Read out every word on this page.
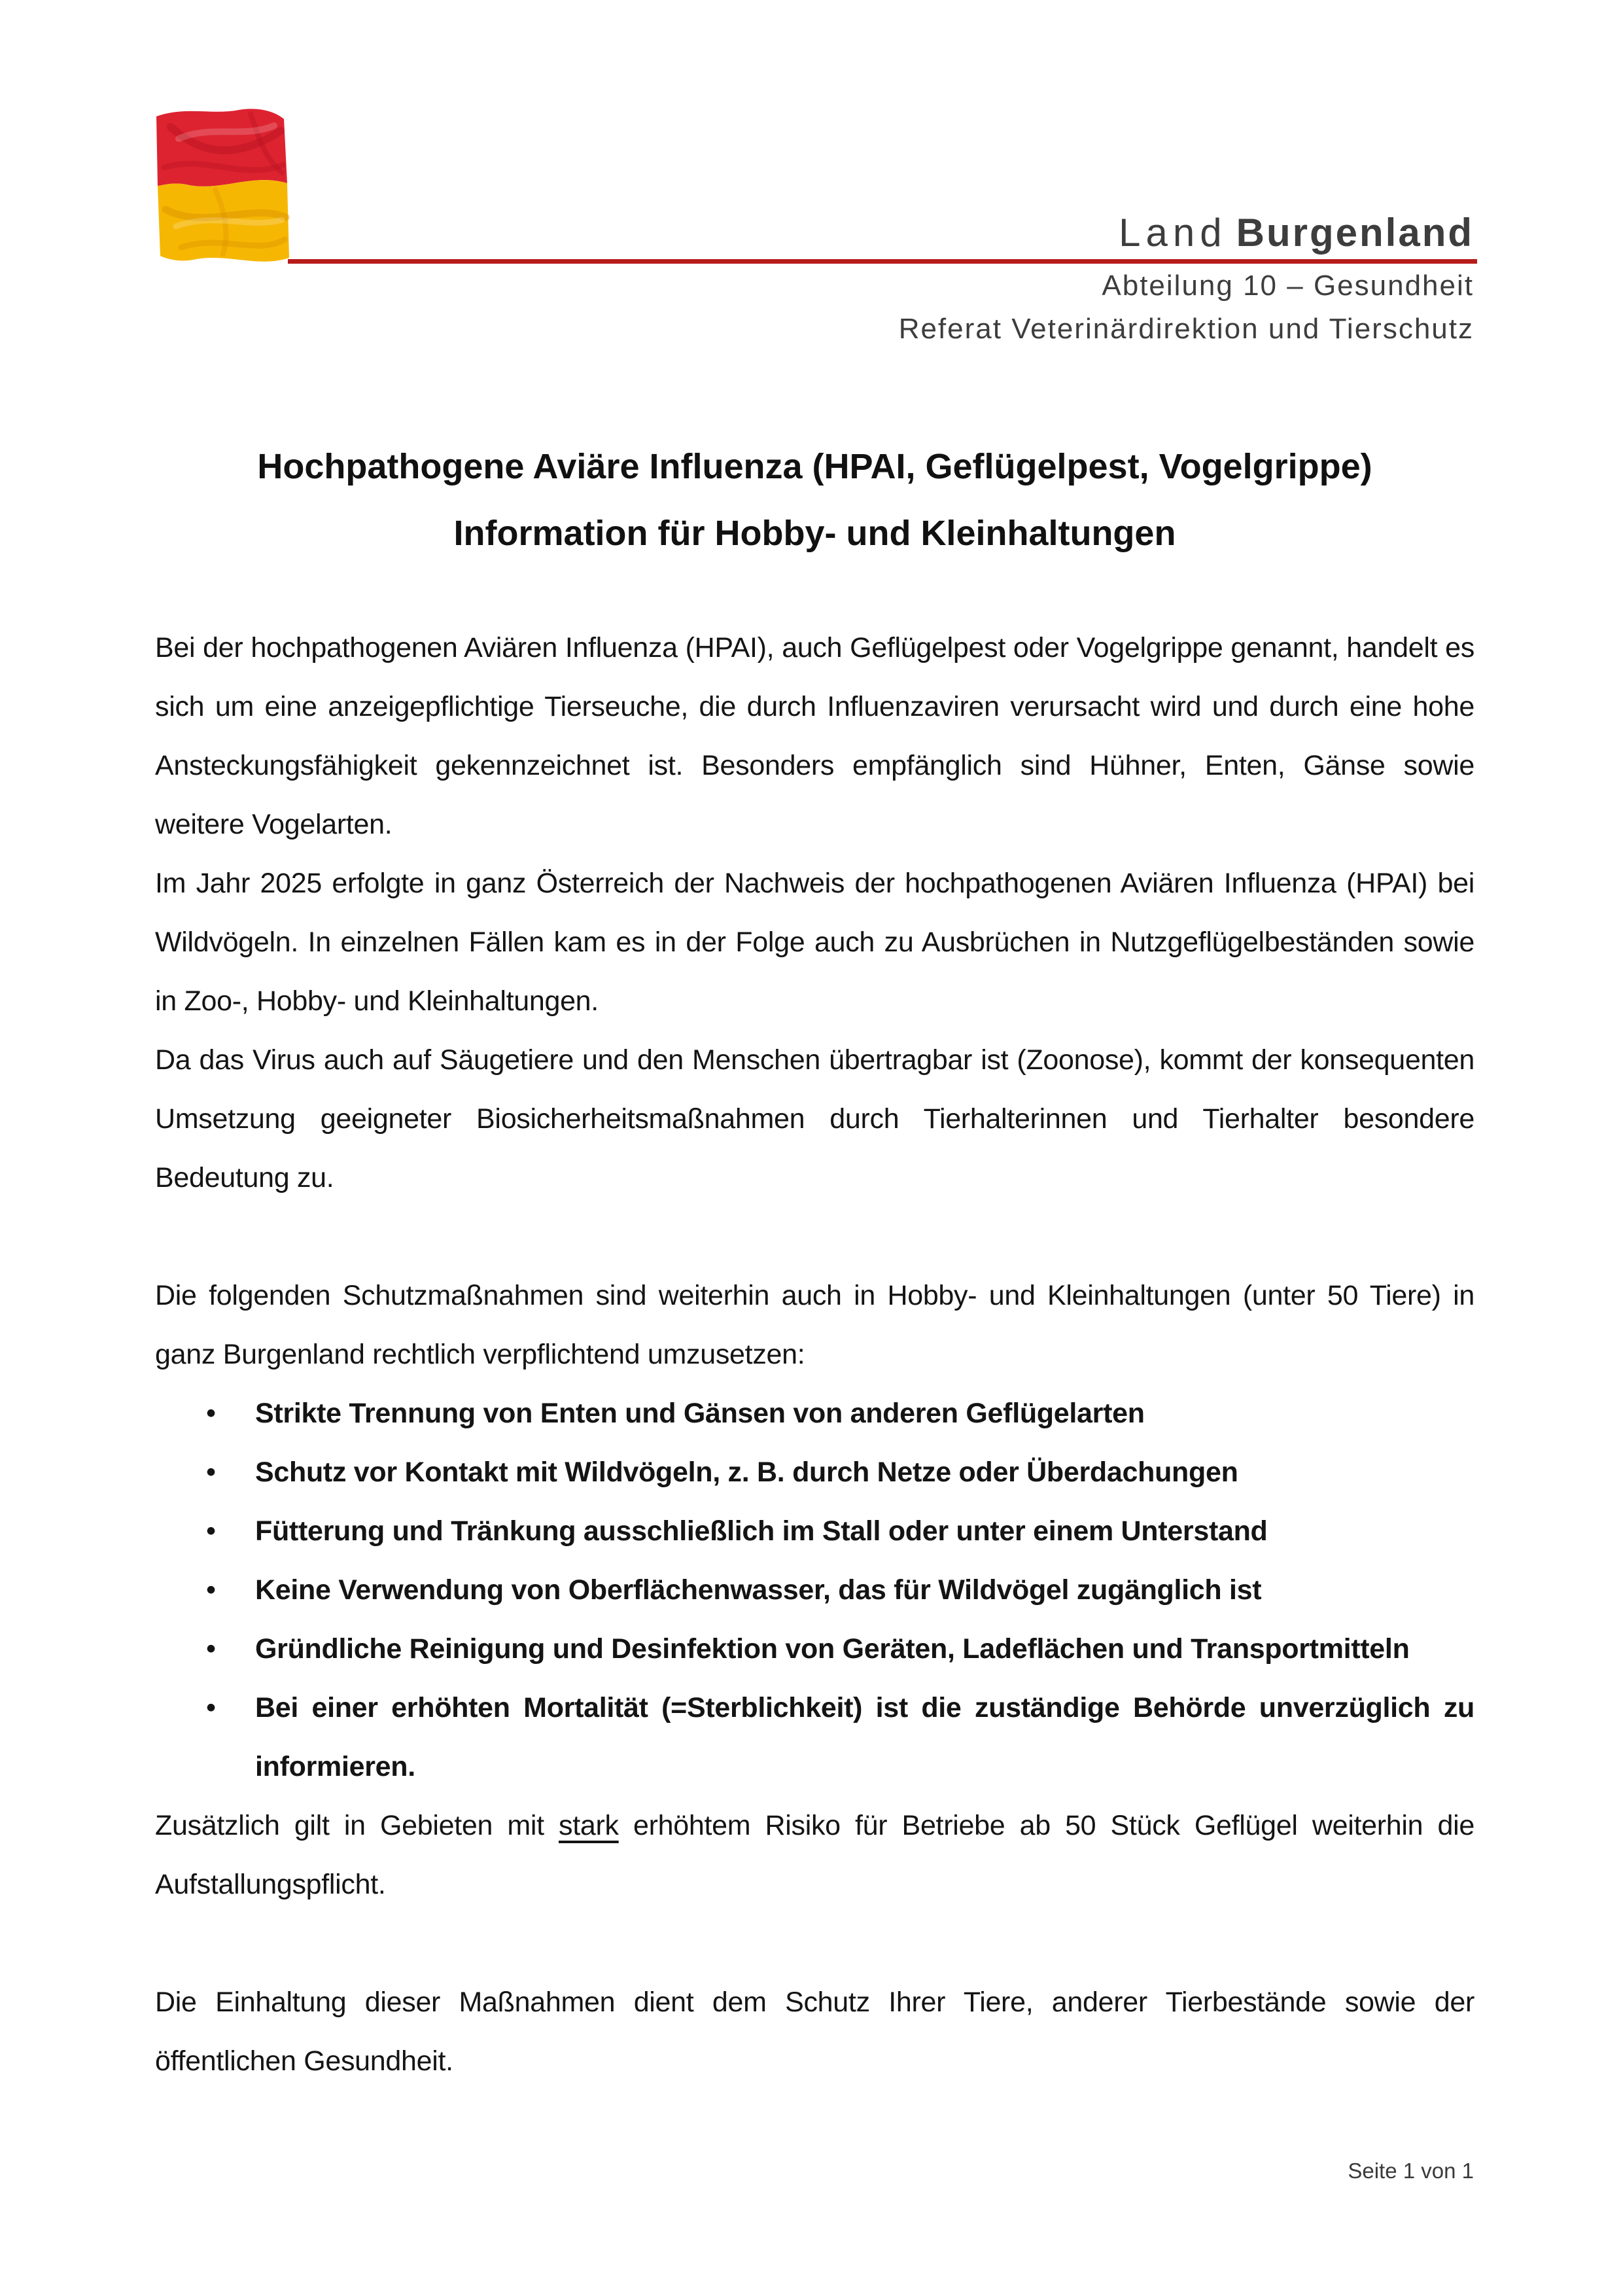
Land Burgenland
Abteilung 10 – Gesundheit
Referat Veterinärdirektion und Tierschutz
Hochpathogene Aviäre Influenza (HPAI, Geflügelpest, Vogelgrippe)
Information für Hobby- und Kleinhaltungen

Bei der hochpathogenen Aviären Influenza (HPAI), auch Geflügelpest oder Vogelgrippe genannt, handelt es sich um eine anzeigepflichtige Tierseuche, die durch Influenzaviren verursacht wird und durch eine hohe Ansteckungsfähigkeit gekennzeichnet ist. Besonders empfänglich sind Hühner, Enten, Gänse sowie weitere Vogelarten.

Im Jahr 2025 erfolgte in ganz Österreich der Nachweis der hochpathogenen Aviären Influenza (HPAI) bei Wildvögeln. In einzelnen Fällen kam es in der Folge auch zu Ausbrüchen in Nutzgeflügelbeständen sowie in Zoo-, Hobby- und Kleinhaltungen.

Da das Virus auch auf Säugetiere und den Menschen übertragbar ist (Zoonose), kommt der konsequenten Umsetzung geeigneter Biosicherheitsmaßnahmen durch Tierhalterinnen und Tierhalter besondere Bedeutung zu.

Die folgenden Schutzmaßnahmen sind weiterhin auch in Hobby- und Kleinhaltungen (unter 50 Tiere) in ganz Burgenland rechtlich verpflichtend umzusetzen:

• Strikte Trennung von Enten und Gänsen von anderen Geflügelarten
• Schutz vor Kontakt mit Wildvögeln, z. B. durch Netze oder Überdachungen
• Fütterung und Tränkung ausschließlich im Stall oder unter einem Unterstand
• Keine Verwendung von Oberflächenwasser, das für Wildvögel zugänglich ist
• Gründliche Reinigung und Desinfektion von Geräten, Ladeflächen und Transportmitteln
• Bei einer erhöhten Mortalität (=Sterblichkeit) ist die zuständige Behörde unverzüglich zu informieren.

Zusätzlich gilt in Gebieten mit stark erhöhtem Risiko für Betriebe ab 50 Stück Geflügel weiterhin die Aufstallungspflicht.

Die Einhaltung dieser Maßnahmen dient dem Schutz Ihrer Tiere, anderer Tierbestände sowie der öffentlichen Gesundheit.

Seite 1 von 1
